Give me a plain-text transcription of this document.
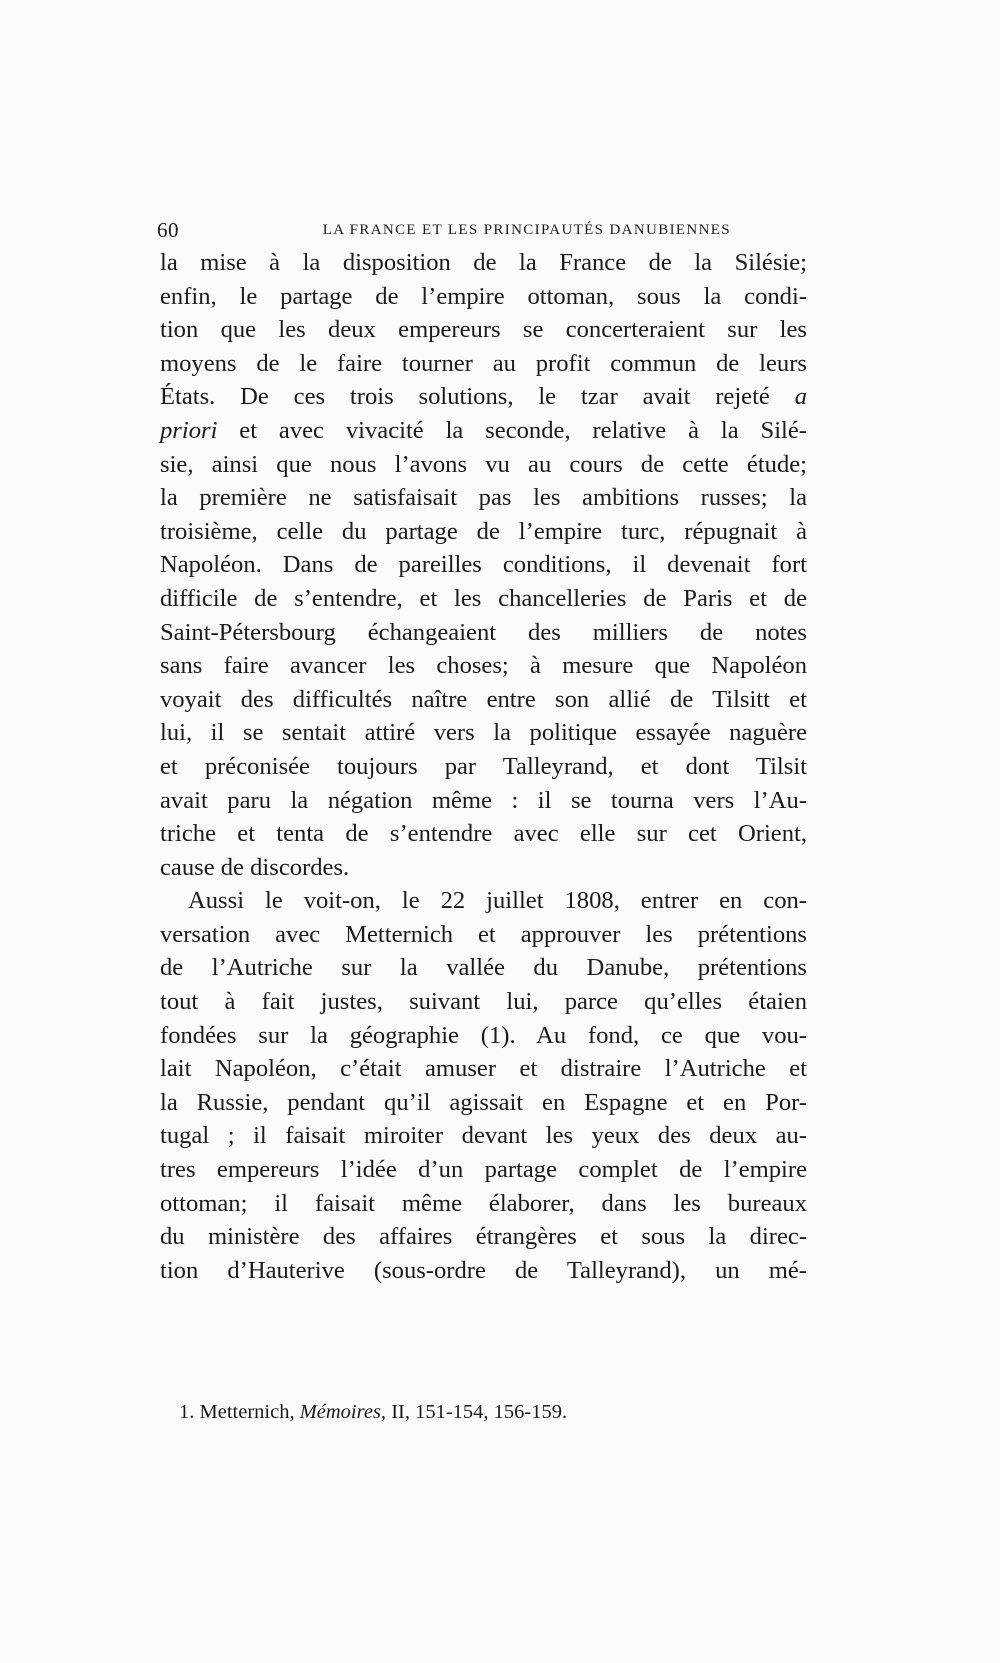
60	LA FRANCE ET LES PRINCIPAUTÉS DANUBIENNES
la mise à la disposition de la France de la Silésie;
enfin, le partage de l’empire ottoman, sous la condi-
tion que les deux empereurs se concerteraient sur les
moyens de le faire tourner au profit commun de leurs
États. De ces trois solutions, le tzar avait rejeté a
priori et avec vivacité la seconde, relative à la Silé-
sie, ainsi que nous l’avons vu au cours de cette étude;
la première ne satisfaisait pas les ambitions russes; la
troisième, celle du partage de l’empire turc, répugnait à
Napoléon. Dans de pareilles conditions, il devenait fort
difficile de s’entendre, et les chancelleries de Paris et de
Saint-Pétersbourg échangeaient des milliers de notes
sans faire avancer les choses; à mesure que Napoléon
voyait des difficultés naître entre son allié de Tilsitt et
lui, il se sentait attiré vers la politique essayée naguère
et préconisée toujours par Talleyrand, et dont Tilsit
avait paru la négation même : il se tourna vers l’Au-
triche et tenta de s’entendre avec elle sur cet Orient,
cause de discordes.
Aussi le voit-on, le 22 juillet 1808, entrer en con-
versation avec Metternich et approuver les prétentions
de l’Autriche sur la vallée du Danube, prétentions
tout à fait justes, suivant lui, parce qu’elles étaien
fondées sur la géographie (1). Au fond, ce que vou-
lait Napoléon, c’était amuser et distraire l’Autriche et
la Russie, pendant qu’il agissait en Espagne et en Por-
tugal ; il faisait miroiter devant les yeux des deux au-
tres empereurs l’idée d’un partage complet de l’empire
ottoman; il faisait même élaborer, dans les bureaux
du ministère des affaires étrangères et sous la direc-
tion d’Hauterive (sous-ordre de Talleyrand), un mé-
1. Metternich, Mémoires, II, 151-154, 156-159.
